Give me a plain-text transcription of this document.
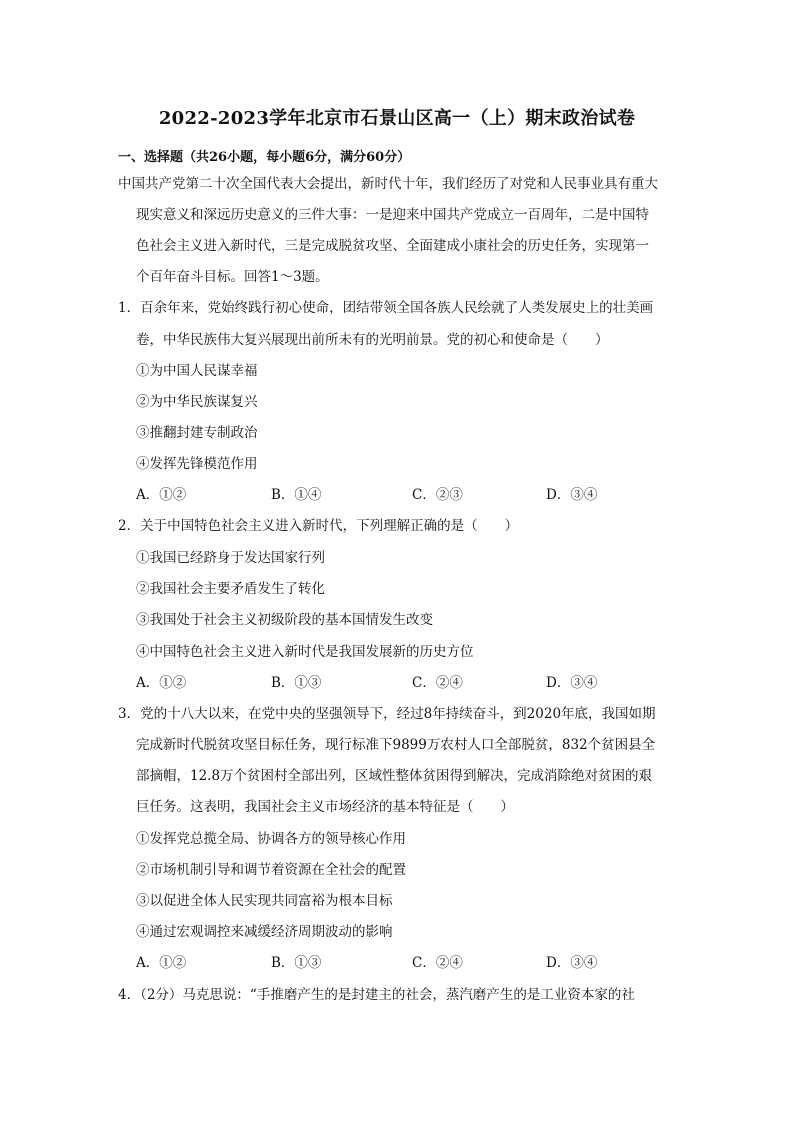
2022-2023学年北京市石景山区高一（上）期末政治试卷
一、选择题（共26小题，每小题6分，满分60分）
中国共产党第二十次全国代表大会提出，新时代十年，我们经历了对党和人民事业具有重大
现实意义和深远历史意义的三件大事：一是迎来中国共产党成立一百周年，二是中国特
色社会主义进入新时代，三是完成脱贫攻坚、全面建成小康社会的历史任务，实现第一
个百年奋斗目标。回答1～3题。
1．百余年来，党始终践行初心使命，团结带领全国各族人民绘就了人类发展史上的壮美画
卷，中华民族伟大复兴展现出前所未有的光明前景。党的初心和使命是（　　）
①为中国人民谋幸福
②为中华民族谋复兴
③推翻封建专制政治
④发挥先锋模范作用
A．①②	B．①④	C．②③	D．③④
2．关于中国特色社会主义进入新时代，下列理解正确的是（　　）
①我国已经跻身于发达国家行列
②我国社会主要矛盾发生了转化
③我国处于社会主义初级阶段的基本国情发生改变
④中国特色社会主义进入新时代是我国发展新的历史方位
A．①②	B．①③	C．②④	D．③④
3．党的十八大以来，在党中央的坚强领导下，经过8年持续奋斗，到2020年底，我国如期
完成新时代脱贫攻坚目标任务，现行标准下9899万农村人口全部脱贫，832个贫困县全
部摘帽，12.8万个贫困村全部出列，区域性整体贫困得到解决，完成消除绝对贫困的艰
巨任务。这表明，我国社会主义市场经济的基本特征是（　　）
①发挥党总揽全局、协调各方的领导核心作用
②市场机制引导和调节着资源在全社会的配置
③以促进全体人民实现共同富裕为根本目标
④通过宏观调控来减缓经济周期波动的影响
A．①②	B．①③	C．②④	D．③④
4．（2分）马克思说：“手推磨产生的是封建主的社会，蒸汽磨产生的是工业资本家的社
